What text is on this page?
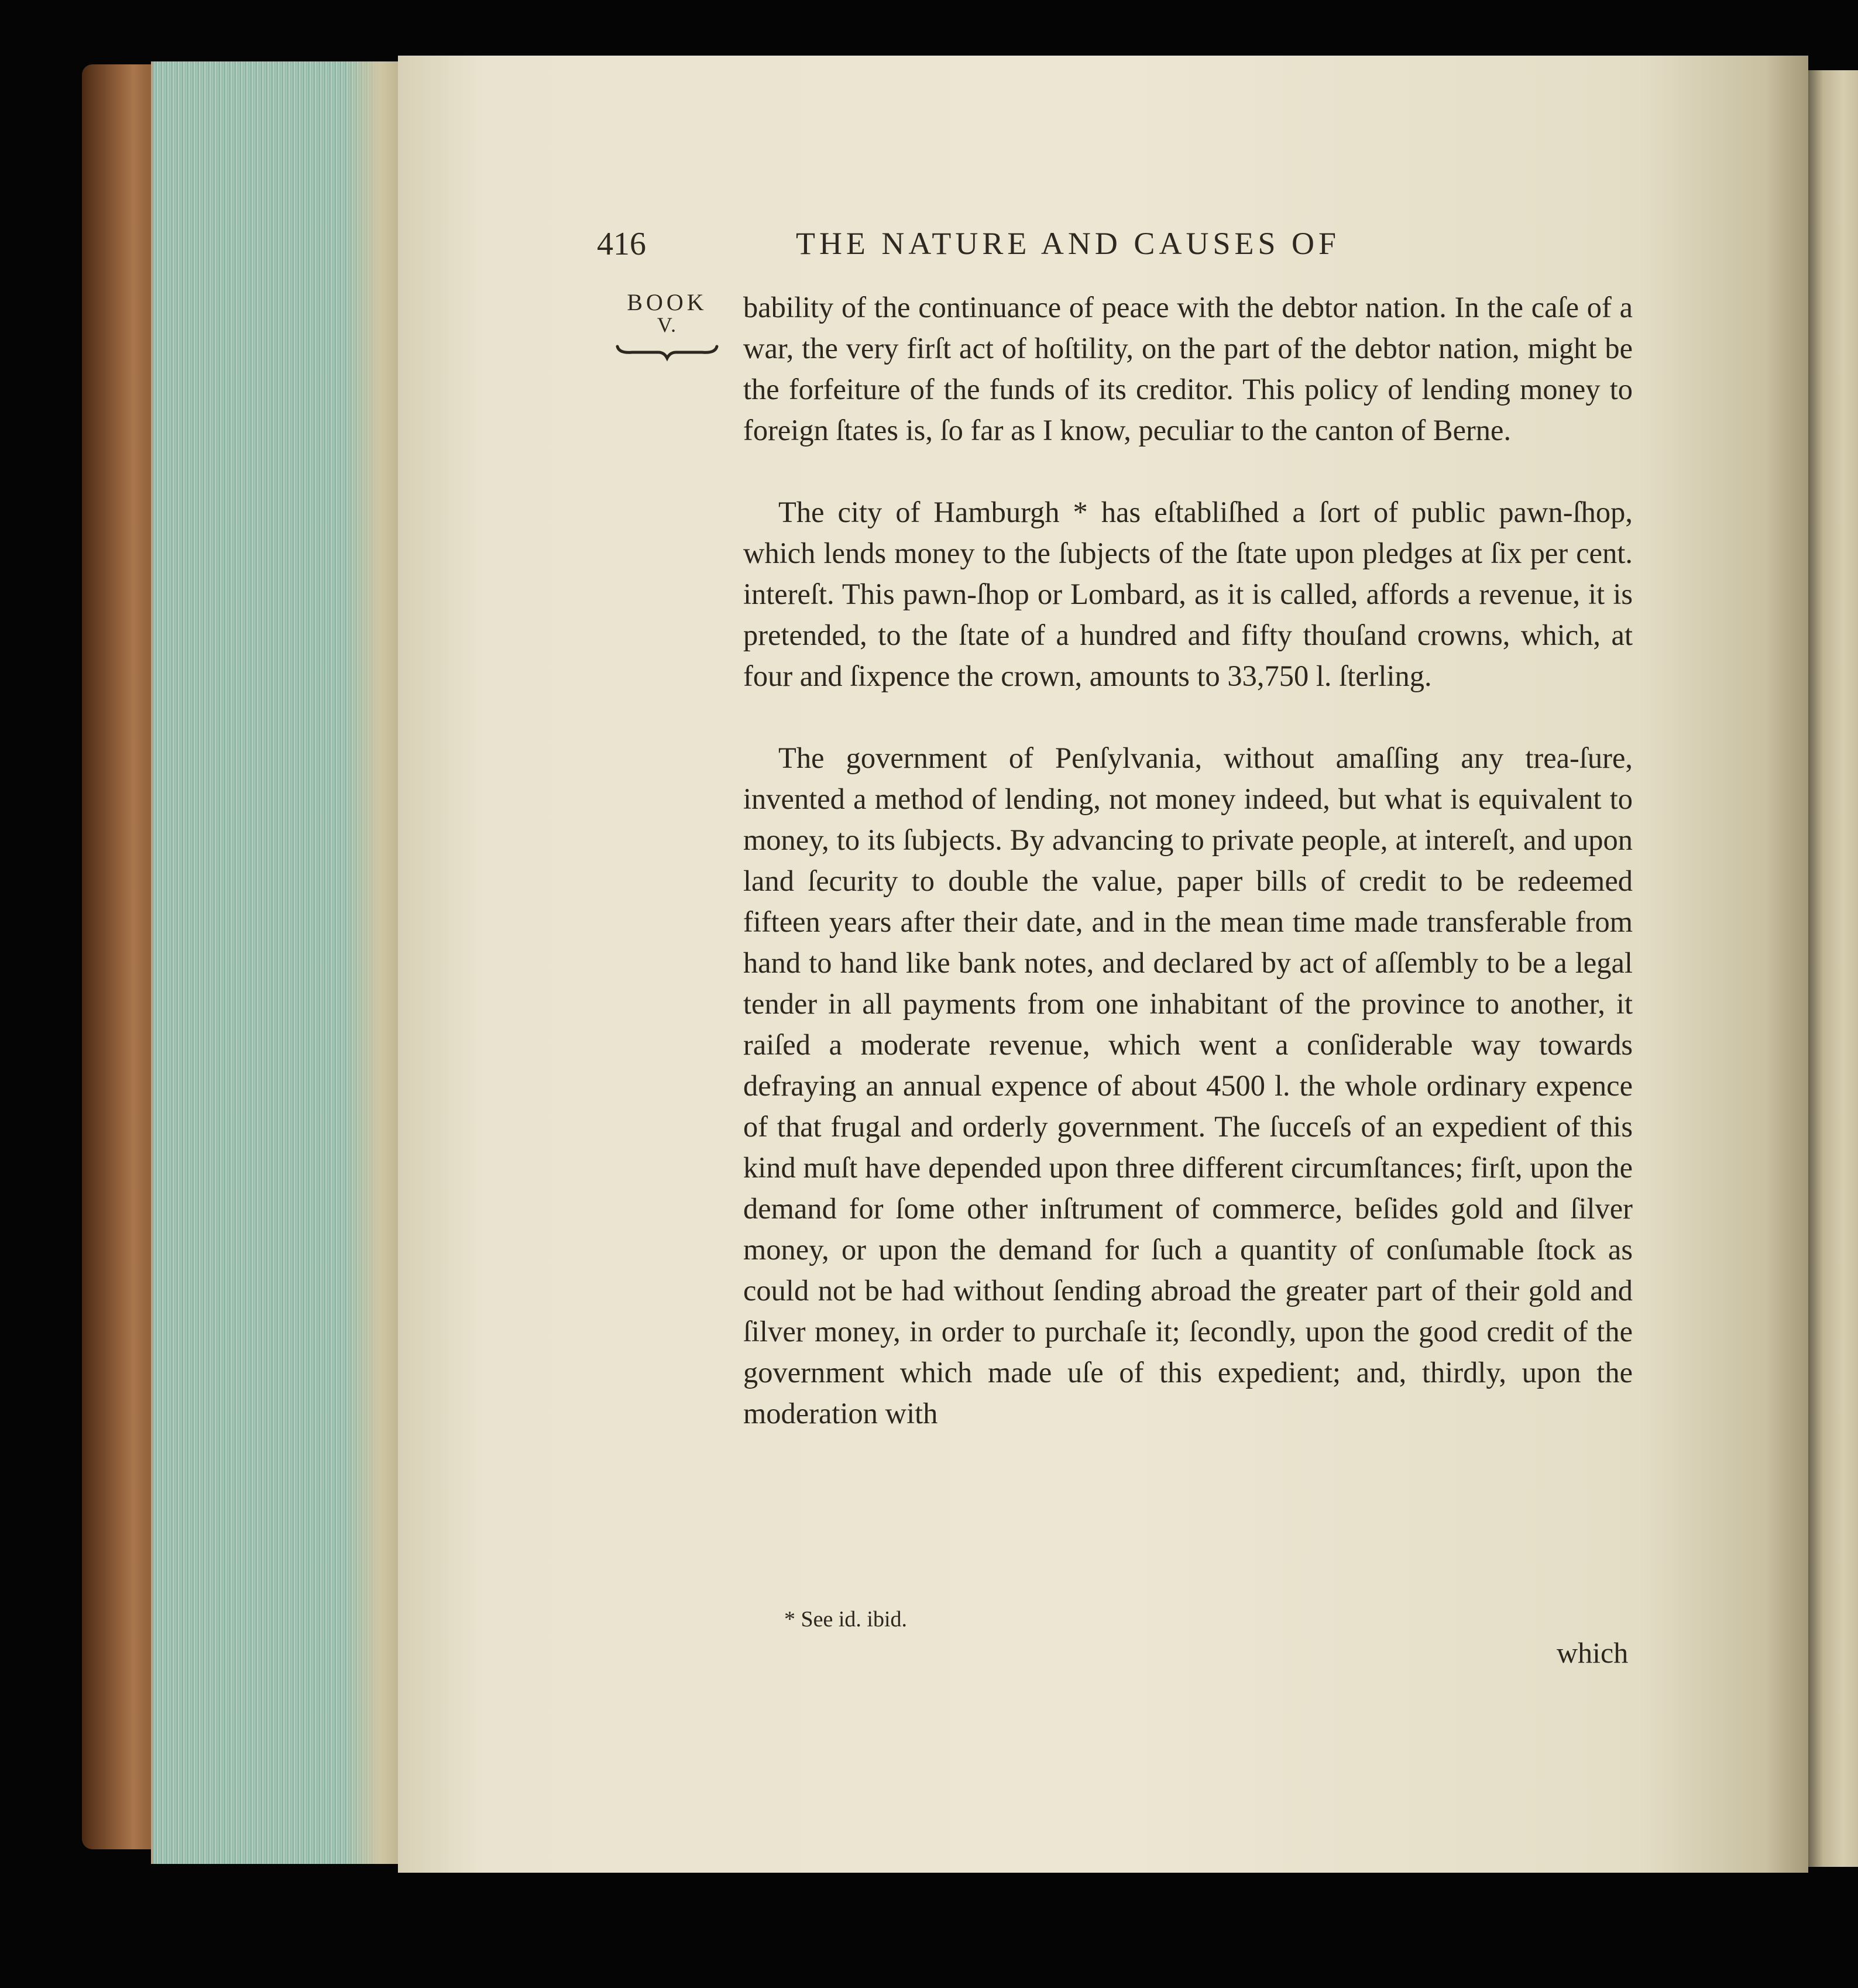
416	THE NATURE AND CAUSES OF
BOOK
V.

bability of the continuance of peace with the debtor nation. In the caſe of a war, the very firſt act of hoſtility, on the part of the debtor nation, might be the forfeiture of the funds of its creditor. This policy of lending money to foreign ſtates is, ſo far as I know, peculiar to the canton of Berne.

The city of Hamburgh * has eſtabliſhed a ſort of public pawn-ſhop, which lends money to the ſubjects of the ſtate upon pledges at ſix per cent. intereſt. This pawn-ſhop or Lombard, as it is called, affords a revenue, it is pretended, to the ſtate of a hundred and fifty thouſand crowns, which, at four and ſixpence the crown, amounts to 33,750 l. ſterling.

The government of Penſylvania, without amaſſing any trea-ſure, invented a method of lending, not money indeed, but what is equivalent to money, to its ſubjects. By advancing to private people, at intereſt, and upon land ſecurity to double the value, paper bills of credit to be redeemed fifteen years after their date, and in the mean time made transferable from hand to hand like bank notes, and declared by act of aſſembly to be a legal tender in all payments from one inhabitant of the province to another, it raiſed a moderate revenue, which went a conſiderable way towards defraying an annual expence of about 4500 l. the whole ordinary expence of that frugal and orderly government. The ſucceſs of an expedient of this kind muſt have depended upon three different circumſtances; firſt, upon the demand for ſome other inſtrument of commerce, beſides gold and ſilver money, or upon the demand for ſuch a quantity of conſumable ſtock as could not be had without ſending abroad the greater part of their gold and ſilver money, in order to purchaſe it; ſecondly, upon the good credit of the government which made uſe of this expedient; and, thirdly, upon the moderation with

* See id. ibid.
which
